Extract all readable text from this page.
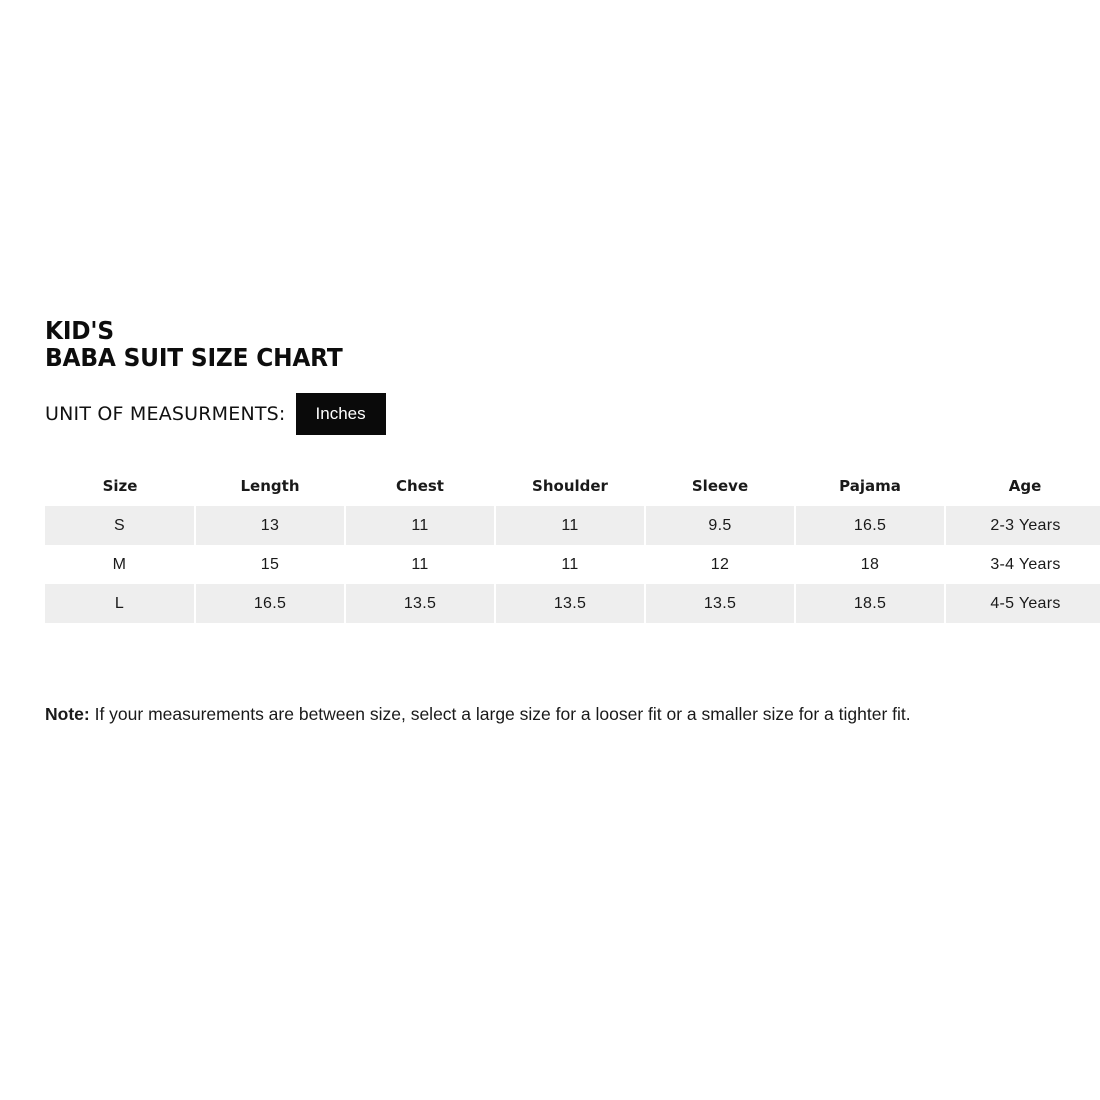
KID'S
BABA SUIT SIZE CHART
UNIT OF MEASURMENTS:	Inches
Size	Length	Chest	Shoulder	Sleeve	Pajama	Age
S	13	11	11	9.5	16.5	2-3 Years
M	15	11	11	12	18	3-4 Years
L	16.5	13.5	13.5	13.5	18.5	4-5 Years
Note: If your measurements are between size, select a large size for a looser fit or a smaller size for a tighter fit.
